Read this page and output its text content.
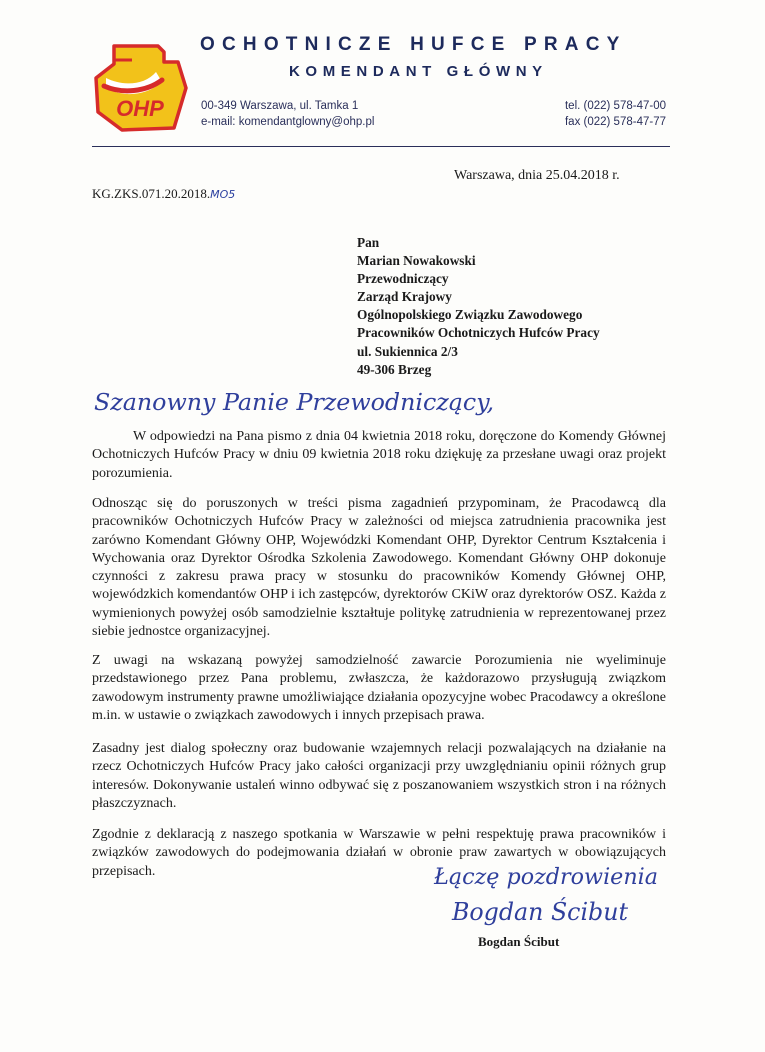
OHP
OCHOTNICZE HUFCE PRACY
KOMENDANT GŁÓWNY
00-349 Warszawa, ul. Tamka 1
e-mail: komendantglowny@ohp.pl
tel. (022) 578-47-00
fax (022) 578-47-77
Warszawa, dnia 25.04.2018 r.
KG.ZKS.071.20.2018.MO5
Pan
Marian Nowakowski
Przewodniczący
Zarząd Krajowy
Ogólnopolskiego Związku Zawodowego
Pracowników Ochotniczych Hufców Pracy
ul. Sukiennica 2/3
49-306 Brzeg
Szanowny Panie Przewodniczący,
W odpowiedzi na Pana pismo z dnia 04 kwietnia 2018 roku, doręczone do Komendy Głównej Ochotniczych Hufców Pracy w dniu 09 kwietnia 2018 roku dziękuję za przesłane uwagi oraz projekt porozumienia.
Odnosząc się do poruszonych w treści pisma zagadnień przypominam, że Pracodawcą dla pracowników Ochotniczych Hufców Pracy w zależności od miejsca zatrudnienia pracownika jest zarówno Komendant Główny OHP, Wojewódzki Komendant OHP, Dyrektor Centrum Kształcenia i Wychowania oraz Dyrektor Ośrodka Szkolenia Zawodowego. Komendant Główny OHP dokonuje czynności z zakresu prawa pracy w stosunku do pracowników Komendy Głównej OHP, wojewódzkich komendantów OHP i ich zastępców, dyrektorów CKiW oraz dyrektorów OSZ. Każda z wymienionych powyżej osób samodzielnie kształtuje politykę zatrudnienia w reprezentowanej przez siebie jednostce organizacyjnej.
Z uwagi na wskazaną powyżej samodzielność zawarcie Porozumienia nie wyeliminuje przedstawionego przez Pana problemu, zwłaszcza, że każdorazowo przysługują związkom zawodowym instrumenty prawne umożliwiające działania opozycyjne wobec Pracodawcy a określone m.in. w ustawie o związkach zawodowych i innych przepisach prawa.
Zasadny jest dialog społeczny oraz budowanie wzajemnych relacji pozwalających na działanie na rzecz Ochotniczych Hufców Pracy jako całości organizacji przy uwzględnianiu opinii różnych grup interesów. Dokonywanie ustaleń winno odbywać się z poszanowaniem wszystkich stron i na różnych płaszczyznach.
Zgodnie z deklaracją z naszego spotkania w Warszawie w pełni respektuję prawa pracowników i związków zawodowych do podejmowania działań w obronie praw zawartych w obowiązujących przepisach.	Łączę pozdrowienia
Bogdan Ścibut
Bogdan Ścibut
